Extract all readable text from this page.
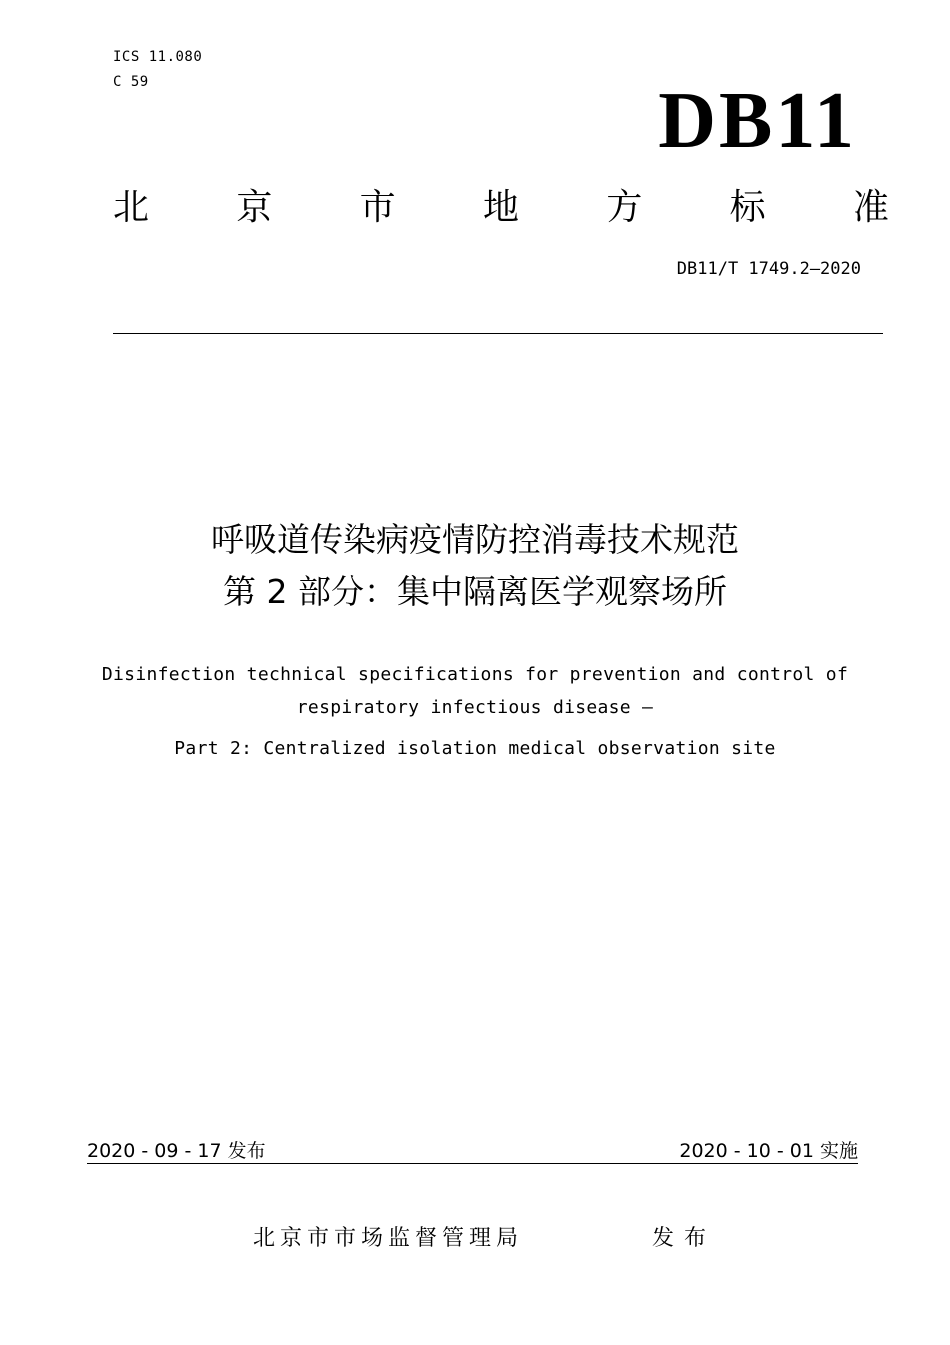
ICS 11.080
C 59	DB11
北 京 市 地 方 标 准
DB11/T 1749.2—2020
呼吸道传染病疫情防控消毒技术规范
第 2 部分：集中隔离医学观察场所
Disinfection technical specifications for prevention and control of
respiratory infectious disease —
Part 2: Centralized isolation medical observation site
2020 - 09 - 17 发布	2020 - 10 - 01 实施
北京市市场监督管理局	发布
